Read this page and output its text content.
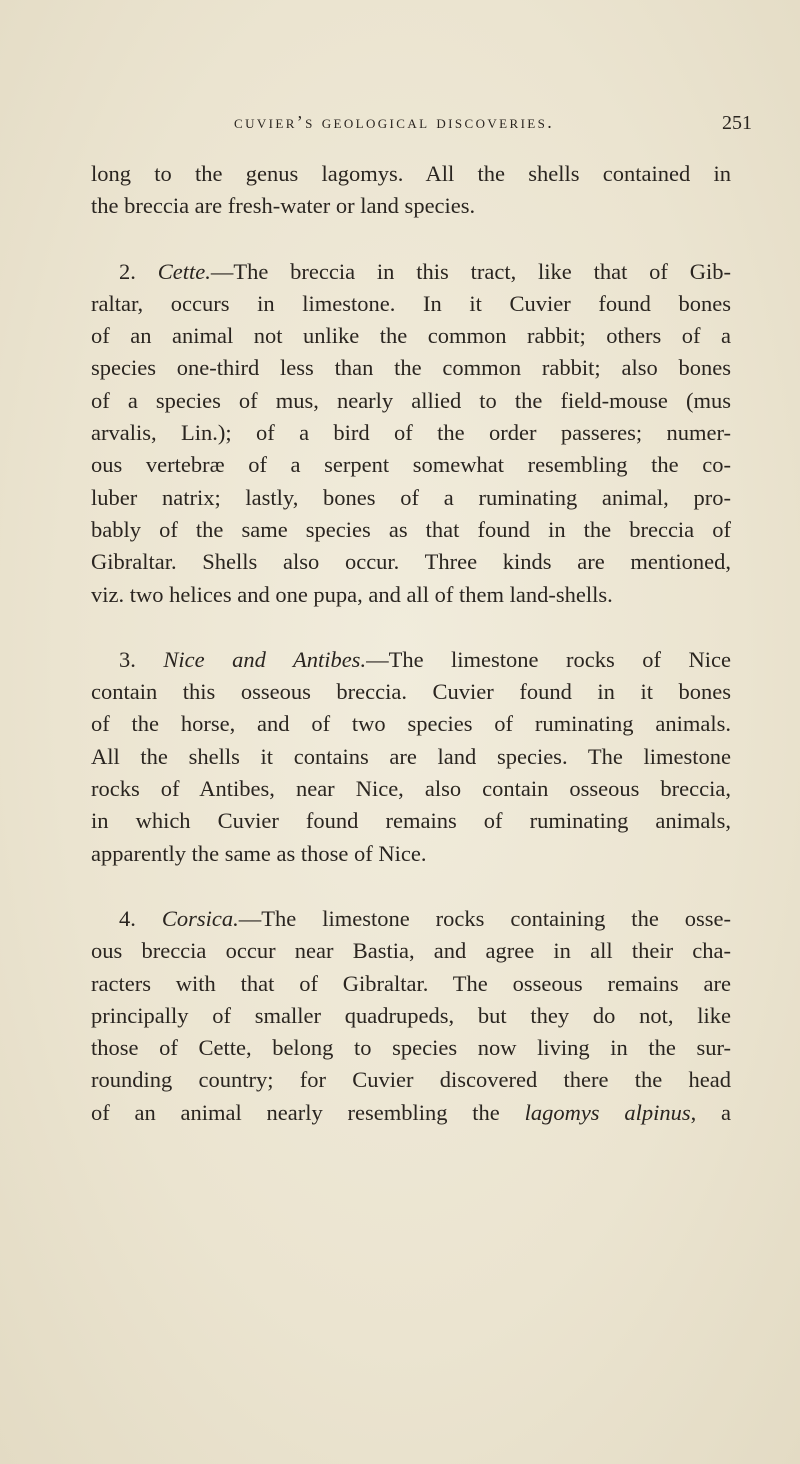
cuvier’s geological discoveries.	251
long to the genus lagomys. All the shells contained in
the breccia are fresh-water or land species.
2. Cette.—The breccia in this tract, like that of Gib-
raltar, occurs in limestone. In it Cuvier found bones
of an animal not unlike the common rabbit; others of a
species one-third less than the common rabbit; also bones
of a species of mus, nearly allied to the field-mouse (mus
arvalis, Lin.); of a bird of the order passeres; numer-
ous vertebræ of a serpent somewhat resembling the co-
luber natrix; lastly, bones of a ruminating animal, pro-
bably of the same species as that found in the breccia of
Gibraltar. Shells also occur. Three kinds are mentioned,
viz. two helices and one pupa, and all of them land-shells.
3. Nice and Antibes.—The limestone rocks of Nice
contain this osseous breccia. Cuvier found in it bones
of the horse, and of two species of ruminating animals.
All the shells it contains are land species. The limestone
rocks of Antibes, near Nice, also contain osseous breccia,
in which Cuvier found remains of ruminating animals,
apparently the same as those of Nice.
4. Corsica.—The limestone rocks containing the osse-
ous breccia occur near Bastia, and agree in all their cha-
racters with that of Gibraltar. The osseous remains are
principally of smaller quadrupeds, but they do not, like
those of Cette, belong to species now living in the sur-
rounding country; for Cuvier discovered there the head
of an animal nearly resembling the lagomys alpinus, a
